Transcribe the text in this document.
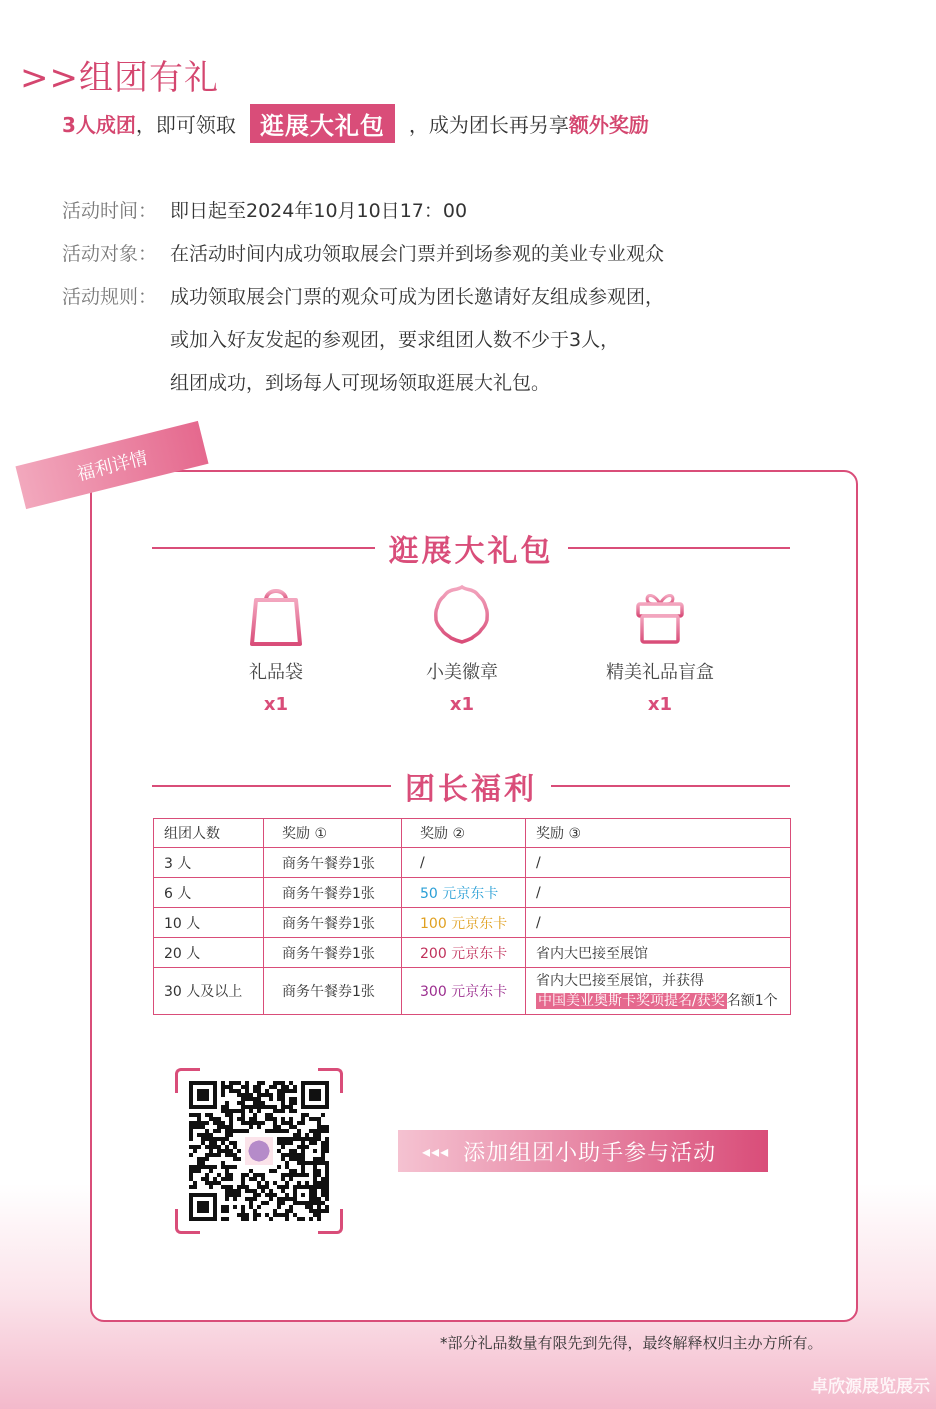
>>组团有礼
3人成团 ，即可领取	逛展大礼包	，成为团长再另享 额外奖励
活动时间： 即日起至2024年10月10日17：00
活动对象： 在活动时间内成功领取展会门票并到场参观的美业专业观众
活动规则： 成功领取展会门票的观众可成为团长邀请好友组成参观团，
或加入好友发起的参观团，要求组团人数不少于3人，
组团成功，到场每人可现场领取逛展大礼包。
福利详情
逛展大礼包
礼品袋
x1
小美徽章
x1
精美礼品盲盒
x1
团长福利
组团人数	奖励 ①	奖励 ②	奖励 ③
3 人	商务午餐券1张	/	/
6 人	商务午餐券1张	50 元京东卡	/
10 人	商务午餐券1张	100 元京东卡	/
20 人	商务午餐券1张	200 元京东卡	省内大巴接至展馆
30 人及以上	商务午餐券1张	300 元京东卡	省内大巴接至展馆，并获得
中国美业奥斯卡奖项提名/获奖 名额1个
◂◂◂ 添加组团小助手参与活动
*部分礼品数量有限先到先得，最终解释权归主办方所有。
卓欣源展览展示
